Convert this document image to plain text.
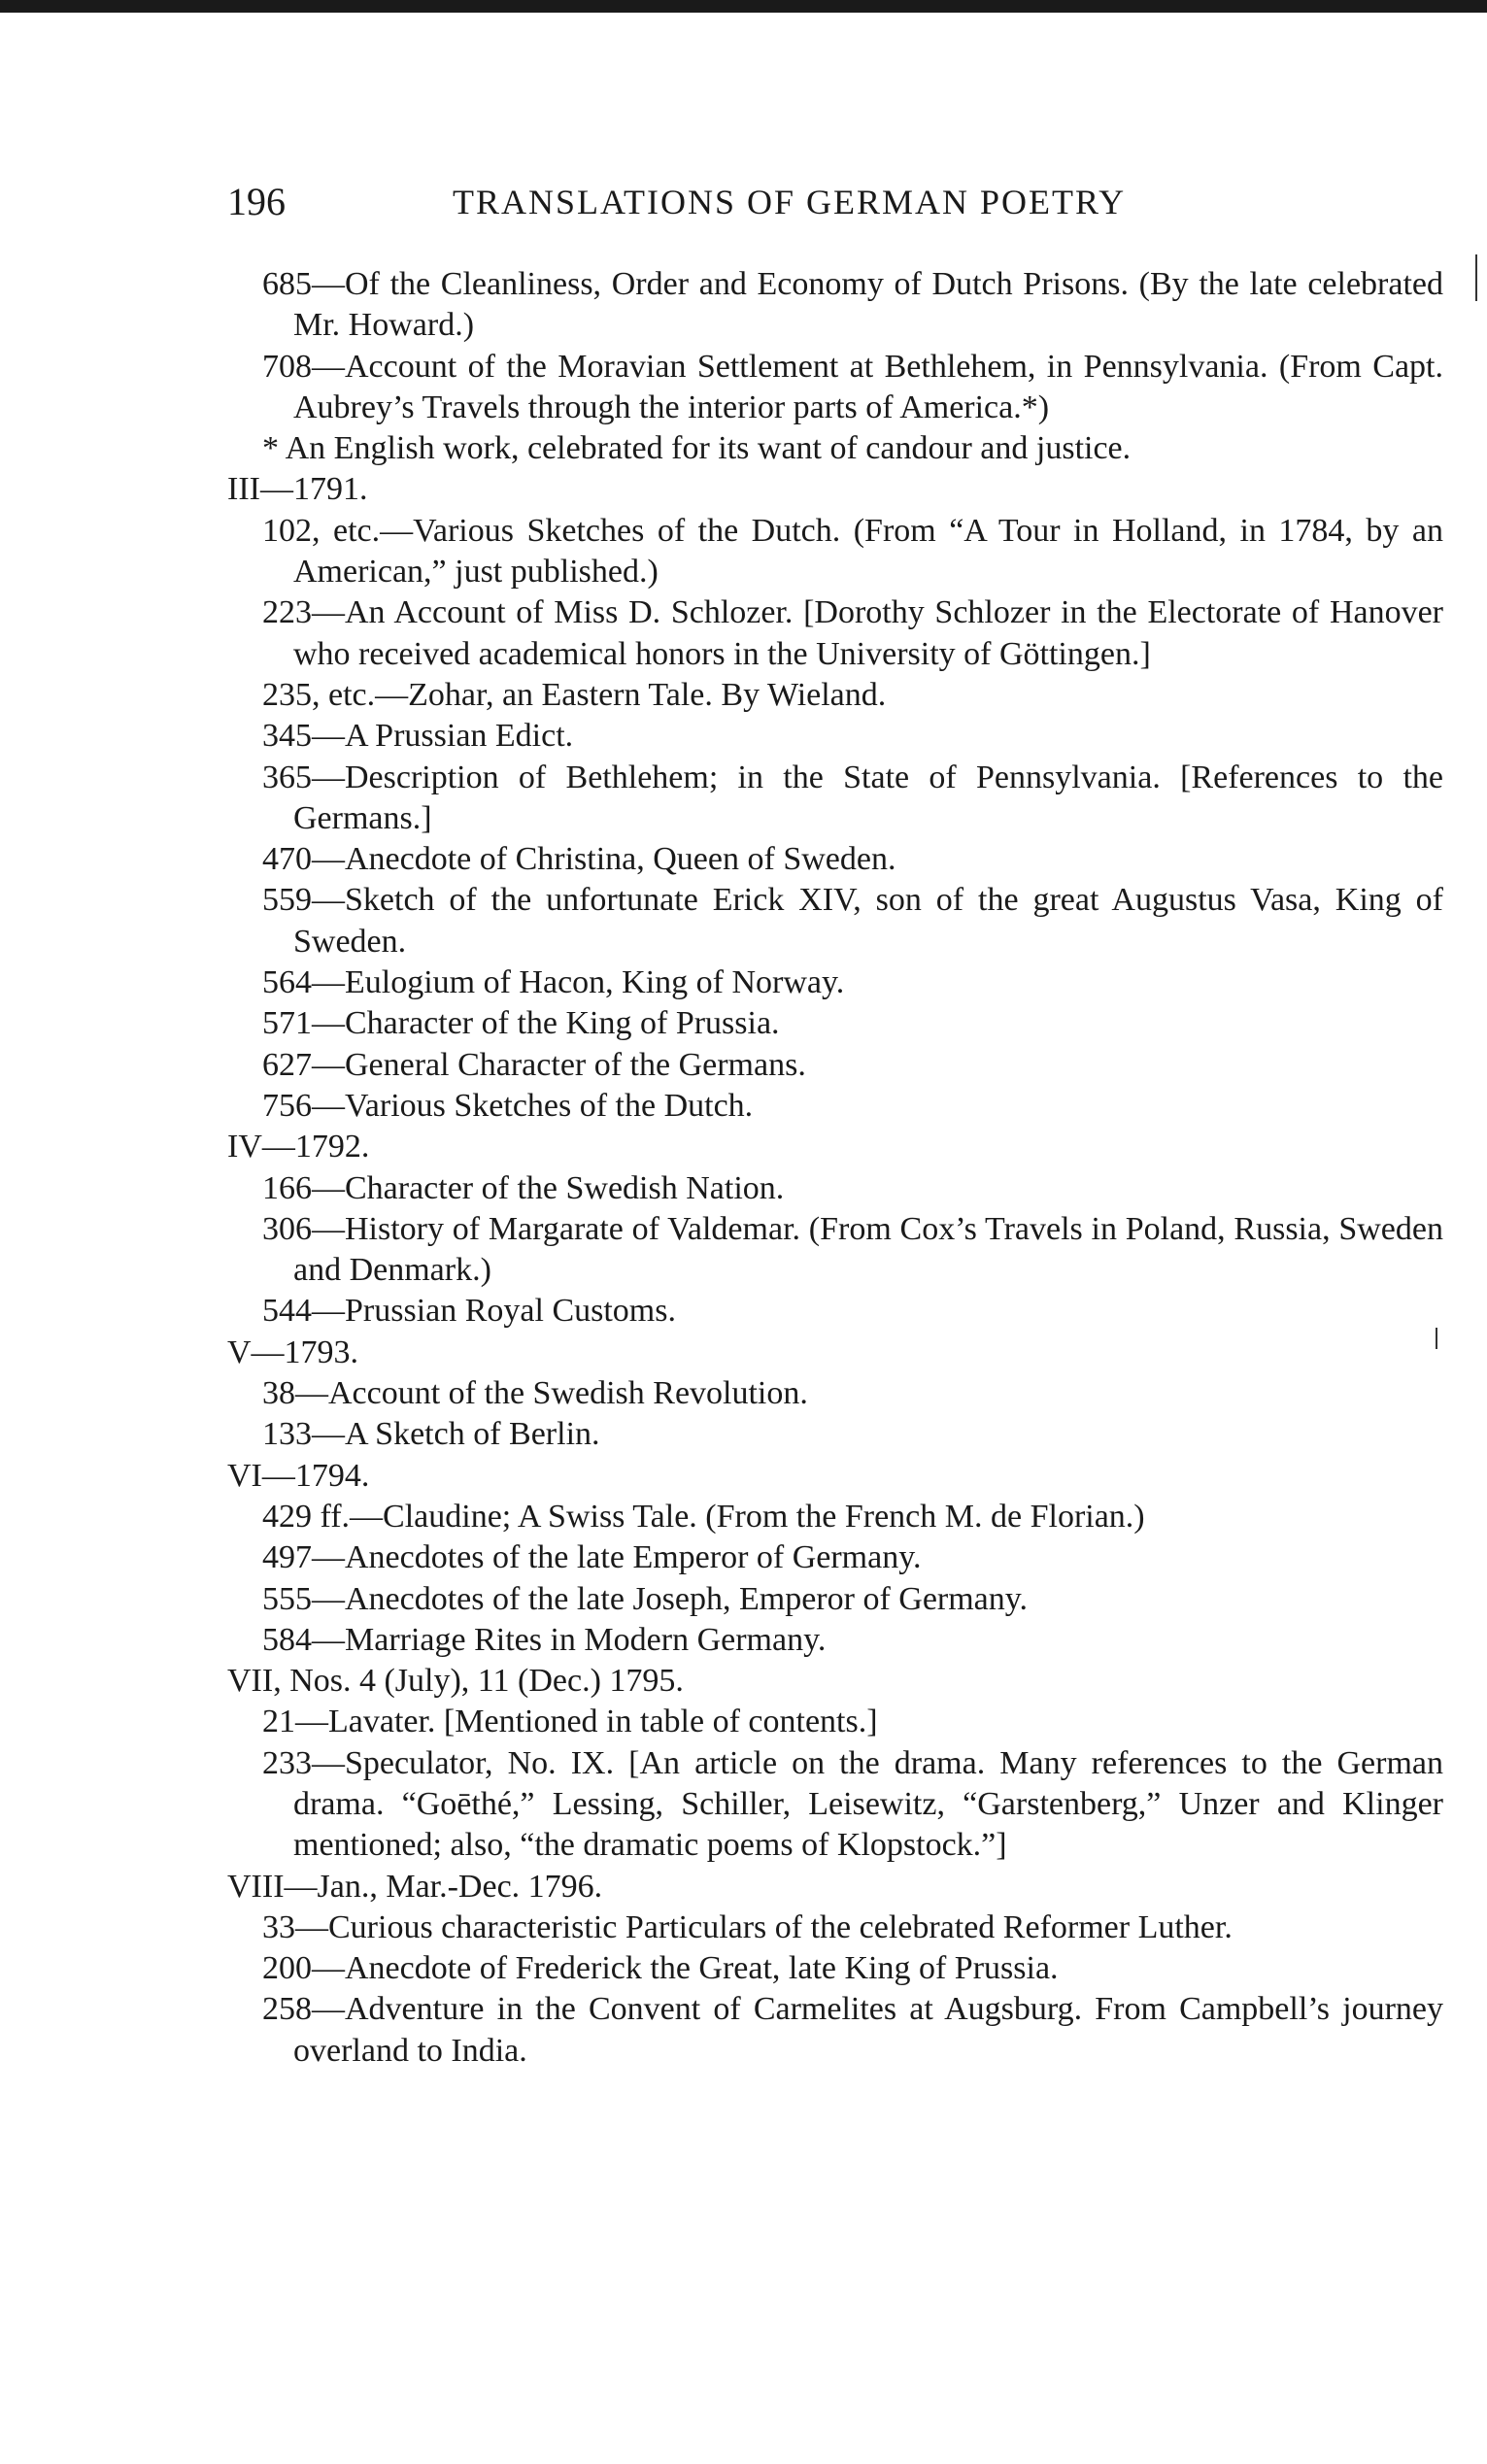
196	TRANSLATIONS OF GERMAN POETRY
685—Of the Cleanliness, Order and Economy of Dutch Prisons. (By the late celebrated Mr. Howard.)
708—Account of the Moravian Settlement at Bethlehem, in Pennsylvania. (From Capt. Aubrey’s Travels through the interior parts of America.*)
* An English work, celebrated for its want of candour and justice.
III—1791.
102, etc.—Various Sketches of the Dutch. (From “A Tour in Holland, in 1784, by an American,” just published.)
223—An Account of Miss D. Schlozer. [Dorothy Schlozer in the Electorate of Hanover who received academical honors in the University of Göttingen.]
235, etc.—Zohar, an Eastern Tale. By Wieland.
345—A Prussian Edict.
365—Description of Bethlehem; in the State of Pennsylvania. [References to the Germans.]
470—Anecdote of Christina, Queen of Sweden.
559—Sketch of the unfortunate Erick XIV, son of the great Augustus Vasa, King of Sweden.
564—Eulogium of Hacon, King of Norway.
571—Character of the King of Prussia.
627—General Character of the Germans.
756—Various Sketches of the Dutch.
IV—1792.
166—Character of the Swedish Nation.
306—History of Margarate of Valdemar. (From Cox’s Travels in Poland, Russia, Sweden and Denmark.)
544—Prussian Royal Customs.
V—1793.
38—Account of the Swedish Revolution.
133—A Sketch of Berlin.
VI—1794.
429 ff.—Claudine; A Swiss Tale. (From the French M. de Florian.)
497—Anecdotes of the late Emperor of Germany.
555—Anecdotes of the late Joseph, Emperor of Germany.
584—Marriage Rites in Modern Germany.
VII, Nos. 4 (July), 11 (Dec.) 1795.
21—Lavater. [Mentioned in table of contents.]
233—Speculator, No. IX. [An article on the drama. Many references to the German drama. “Goēthé,” Lessing, Schiller, Leisewitz, “Garstenberg,” Unzer and Klinger mentioned; also, “the dramatic poems of Klopstock.”]
VIII—Jan., Mar.-Dec. 1796.
33—Curious characteristic Particulars of the celebrated Reformer Luther.
200—Anecdote of Frederick the Great, late King of Prussia.
258—Adventure in the Convent of Carmelites at Augsburg. From Campbell’s journey overland to India.
